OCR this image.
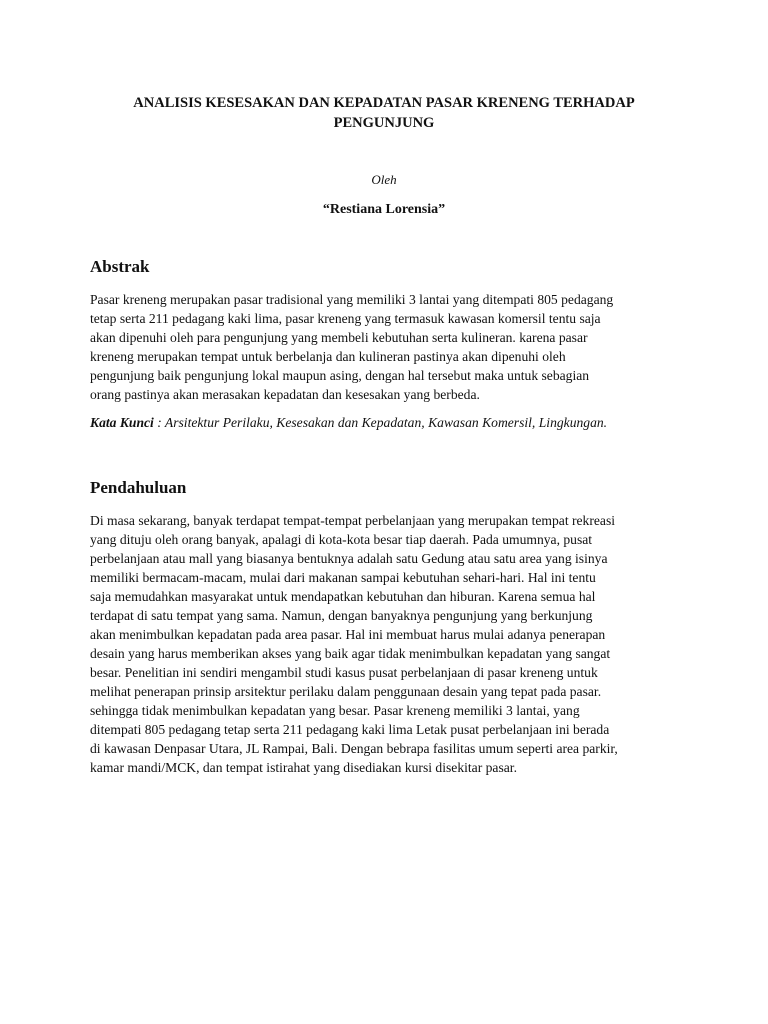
ANALISIS KESESAKAN DAN KEPADATAN PASAR KRENENG TERHADAP
PENGUNJUNG
Oleh
“Restiana Lorensia”
Abstrak

Pasar kreneng merupakan pasar tradisional yang memiliki 3 lantai yang ditempati 805 pedagang
tetap serta 211 pedagang kaki lima, pasar kreneng yang termasuk kawasan komersil tentu saja
akan dipenuhi oleh para pengunjung yang membeli kebutuhan serta kulineran. karena pasar
kreneng merupakan tempat untuk berbelanja dan kulineran pastinya akan dipenuhi oleh
pengunjung baik pengunjung lokal maupun asing, dengan hal tersebut maka untuk sebagian
orang pastinya akan merasakan kepadatan dan kesesakan yang berbeda.

Kata Kunci : Arsitektur Perilaku, Kesesakan dan Kepadatan, Kawasan Komersil, Lingkungan.
Pendahuluan

Di masa sekarang, banyak terdapat tempat-tempat perbelanjaan yang merupakan tempat rekreasi
yang dituju oleh orang banyak, apalagi di kota-kota besar tiap daerah. Pada umumnya, pusat
perbelanjaan atau mall yang biasanya bentuknya adalah satu Gedung atau satu area yang isinya
memiliki bermacam-macam, mulai dari makanan sampai kebutuhan sehari-hari. Hal ini tentu
saja memudahkan masyarakat untuk mendapatkan kebutuhan dan hiburan. Karena semua hal
terdapat di satu tempat yang sama. Namun, dengan banyaknya pengunjung yang berkunjung
akan menimbulkan kepadatan pada area pasar. Hal ini membuat harus mulai adanya penerapan
desain yang harus memberikan akses yang baik agar tidak menimbulkan kepadatan yang sangat
besar. Penelitian ini sendiri mengambil studi kasus pusat perbelanjaan di pasar kreneng untuk
melihat penerapan prinsip arsitektur perilaku dalam penggunaan desain yang tepat pada pasar.
sehingga tidak menimbulkan kepadatan yang besar. Pasar kreneng memiliki 3 lantai, yang
ditempati 805 pedagang tetap serta 211 pedagang kaki lima Letak pusat perbelanjaan ini berada
di kawasan Denpasar Utara, JL Rampai, Bali. Dengan bebrapa fasilitas umum seperti area parkir,
kamar mandi/MCK, dan tempat istirahat yang disediakan kursi disekitar pasar.
